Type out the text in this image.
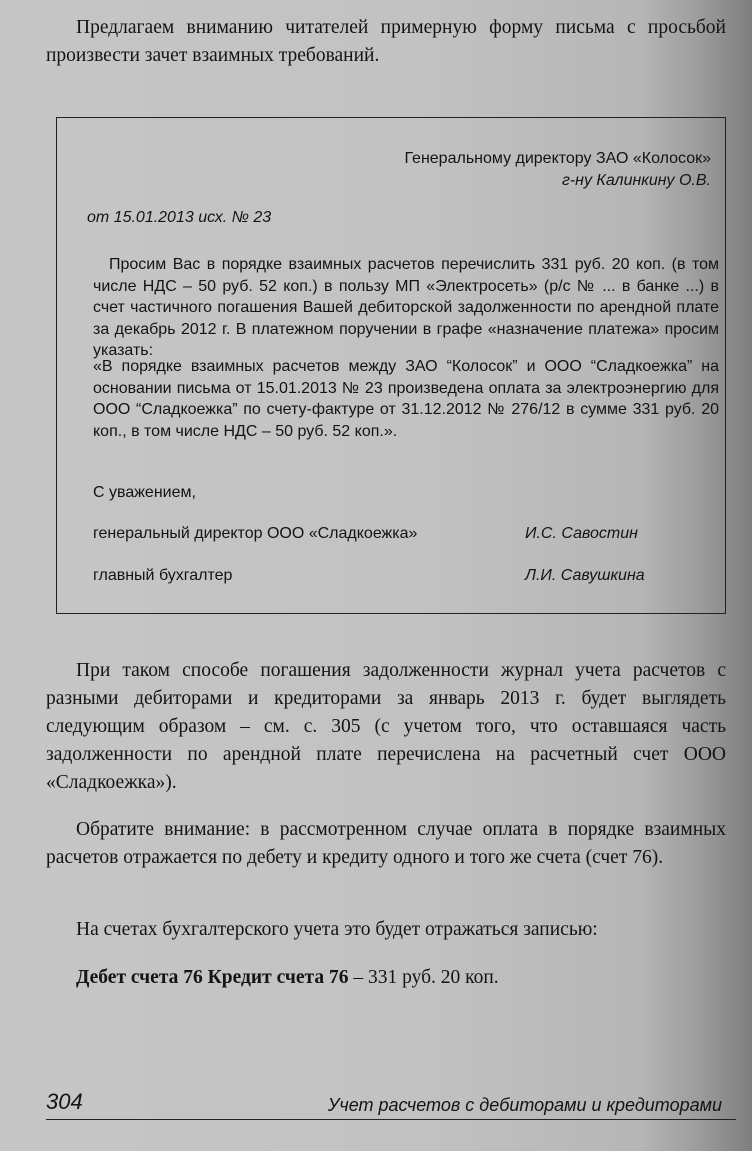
Предлагаем вниманию читателей примерную форму письма с просьбой произвести зачет взаимных требований.

Генеральному директору ЗАО «Колосок»
г-ну Калинкину О.В.
от 15.01.2013 исх. № 23

Просим Вас в порядке взаимных расчетов перечислить 331 руб. 20 коп. (в том числе НДС – 50 руб. 52 коп.) в пользу МП «Электросеть» (р/с № ... в банке ...) в счет частичного погашения Вашей дебиторской задолженности по арендной плате за декабрь 2012 г. В платежном поручении в графе «назначение платежа» просим указать:

«В порядке взаимных расчетов между ЗАО “Колосок” и ООО “Сладкоежка” на основании письма от 15.01.2013 № 23 произведена оплата за электроэнергию для ООО “Сладкоежка” по счету-фактуре от 31.12.2012 № 276/12 в сумме 331 руб. 20 коп., в том числе НДС – 50 руб. 52 коп.».

С уважением,
генеральный директор ООО «Сладкоежка»	И.С. Савостин
главный бухгалтер	Л.И. Савушкина

При таком способе погашения задолженности журнал учета расчетов с разными дебиторами и кредиторами за январь 2013 г. будет выглядеть следующим образом – см. с. 305 (с учетом того, что оставшаяся часть задолженности по арендной плате перечислена на расчетный счет ООО «Сладкоежка»).

Обратите внимание: в рассмотренном случае оплата в порядке взаимных расчетов отражается по дебету и кредиту одного и того же счета (счет 76).

На счетах бухгалтерского учета это будет отражаться записью:

Дебет счета 76 Кредит счета 76 – 331 руб. 20 коп.
304	Учет расчетов с дебиторами и кредиторами
